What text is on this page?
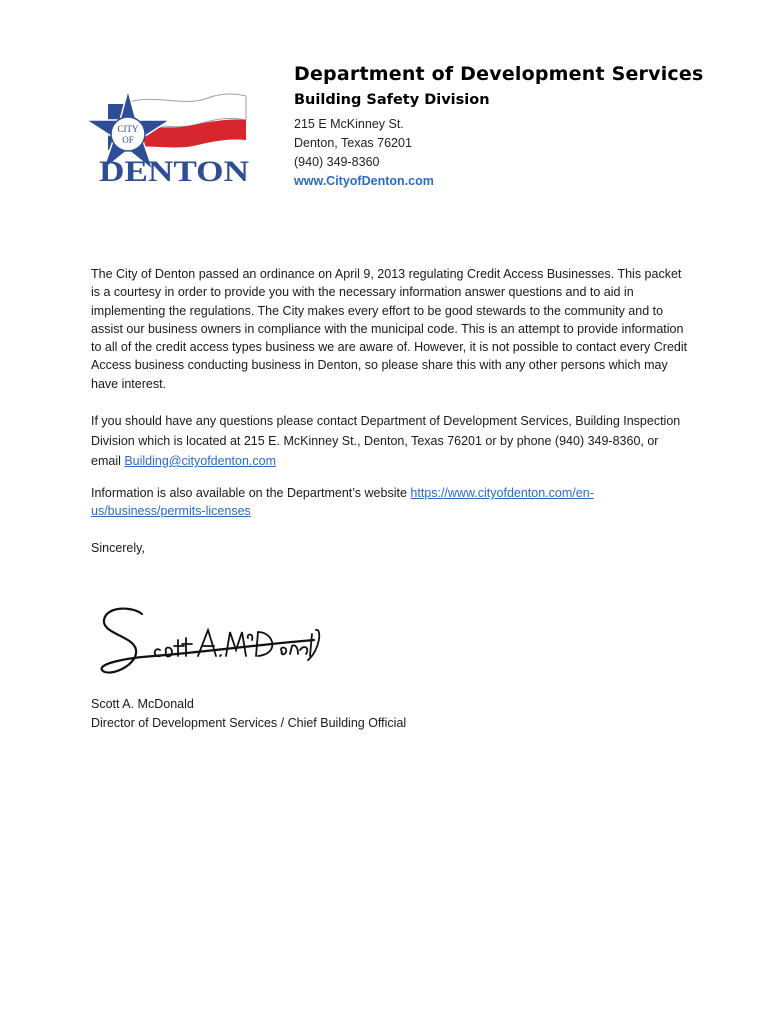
CITY
OF
DENTON
Department of Development Services
Building Safety Division
215 E McKinney St.
Denton, Texas 76201
(940) 349-8360
www.CityofDenton.com

The City of Denton passed an ordinance on April 9, 2013 regulating Credit Access Businesses. This packet is a courtesy in order to provide you with the necessary information answer questions and to aid in implementing the regulations. The City makes every effort to be good stewards to the community and to assist our business owners in compliance with the municipal code. This is an attempt to provide information to all of the credit access types business we are aware of. However, it is not possible to contact every Credit Access business conducting business in Denton, so please share this with any other persons which may have interest.

If you should have any questions please contact Department of Development Services, Building Inspection Division which is located at 215 E. McKinney St., Denton, Texas 76201 or by phone (940) 349-8360, or email Building@cityofdenton.com

Information is also available on the Department’s website https://www.cityofdenton.com/en-us/business/permits-licenses

Sincerely,

Scott A. McDonald
Director of Development Services / Chief Building Official
